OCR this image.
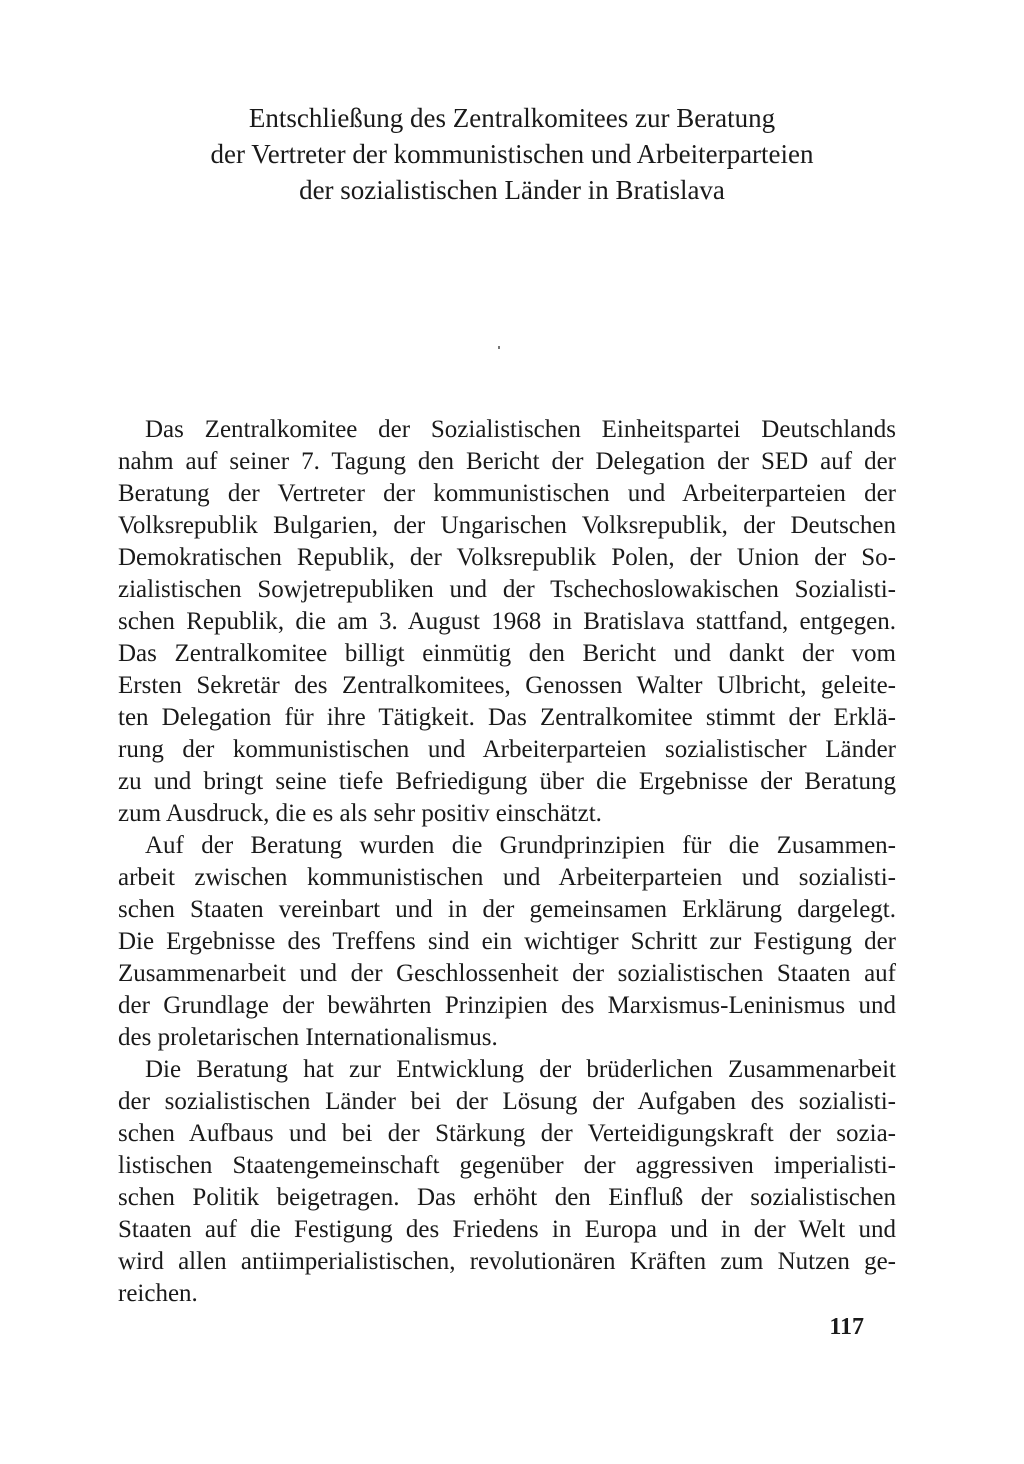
Entschließung des Zentralkomitees zur Beratung
der Vertreter der kommunistischen und Arbeiterparteien
der sozialistischen Länder in Bratislava
Das Zentralkomitee der Sozialistischen Einheitspartei Deutschlands
nahm auf seiner 7. Tagung den Bericht der Delegation der SED auf der
Beratung der Vertreter der kommunistischen und Arbeiterparteien der
Volksrepublik Bulgarien, der Ungarischen Volksrepublik, der Deutschen
Demokratischen Republik, der Volksrepublik Polen, der Union der So-
zialistischen Sowjetrepubliken und der Tschechoslowakischen Sozialisti-
schen Republik, die am 3. August 1968 in Bratislava stattfand, entgegen.
Das Zentralkomitee billigt einmütig den Bericht und dankt der vom
Ersten Sekretär des Zentralkomitees, Genossen Walter Ulbricht, geleite-
ten Delegation für ihre Tätigkeit. Das Zentralkomitee stimmt der Erklä-
rung der kommunistischen und Arbeiterparteien sozialistischer Länder
zu und bringt seine tiefe Befriedigung über die Ergebnisse der Beratung
zum Ausdruck, die es als sehr positiv einschätzt.
Auf der Beratung wurden die Grundprinzipien für die Zusammen-
arbeit zwischen kommunistischen und Arbeiterparteien und sozialisti-
schen Staaten vereinbart und in der gemeinsamen Erklärung dargelegt.
Die Ergebnisse des Treffens sind ein wichtiger Schritt zur Festigung der
Zusammenarbeit und der Geschlossenheit der sozialistischen Staaten auf
der Grundlage der bewährten Prinzipien des Marxismus-Leninismus und
des proletarischen Internationalismus.
Die Beratung hat zur Entwicklung der brüderlichen Zusammenarbeit
der sozialistischen Länder bei der Lösung der Aufgaben des sozialisti-
schen Aufbaus und bei der Stärkung der Verteidigungskraft der sozia-
listischen Staatengemeinschaft gegenüber der aggressiven imperialisti-
schen Politik beigetragen. Das erhöht den Einfluß der sozialistischen
Staaten auf die Festigung des Friedens in Europa und in der Welt und
wird allen antiimperialistischen, revolutionären Kräften zum Nutzen ge-
reichen.
117
